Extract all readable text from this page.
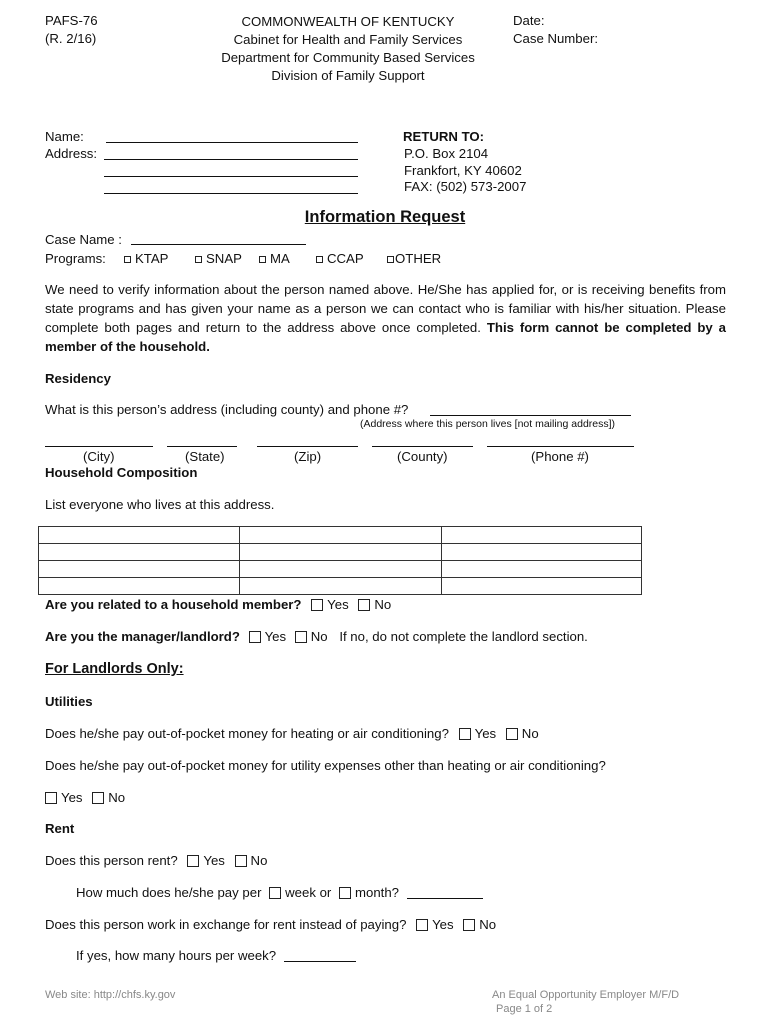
PAFS-76
(R. 2/16)
COMMONWEALTH OF KENTUCKY
Cabinet for Health and Family Services
Department for Community Based Services
Division of Family Support
Date:
Case Number:
Name:
Address:
RETURN TO:
P.O. Box 2104
Frankfort, KY 40602
FAX: (502) 573-2007
Information Request
Case Name :
Programs:	KTAP	SNAP	MA	CCAP	OTHER
We need to verify information about the person named above. He/She has applied for, or is receiving benefits from state programs and has given your name as a person we can contact who is familiar with his/her situation. Please complete both pages and return to the address above once completed. This form cannot be completed by a member of the household.
Residency
What is this person’s address (including county) and phone #?
(Address where this person lives [not mailing address])
(City)	(State)	(Zip)	(County)	(Phone #)
Household Composition
List everyone who lives at this address.

Are you related to a household member? Yes No
Are you the manager/landlord? Yes No If no, do not complete the landlord section.
For Landlords Only:
Utilities
Does he/she pay out-of-pocket money for heating or air conditioning? Yes No
Does he/she pay out-of-pocket money for utility expenses other than heating or air conditioning?
Yes No
Rent
Does this person rent? Yes No
How much does he/she pay per week or month?
Does this person work in exchange for rent instead of paying? Yes No
If yes, how many hours per week?
Web site: http://chfs.ky.gov	An Equal Opportunity Employer M/F/D
Page 1 of 2
